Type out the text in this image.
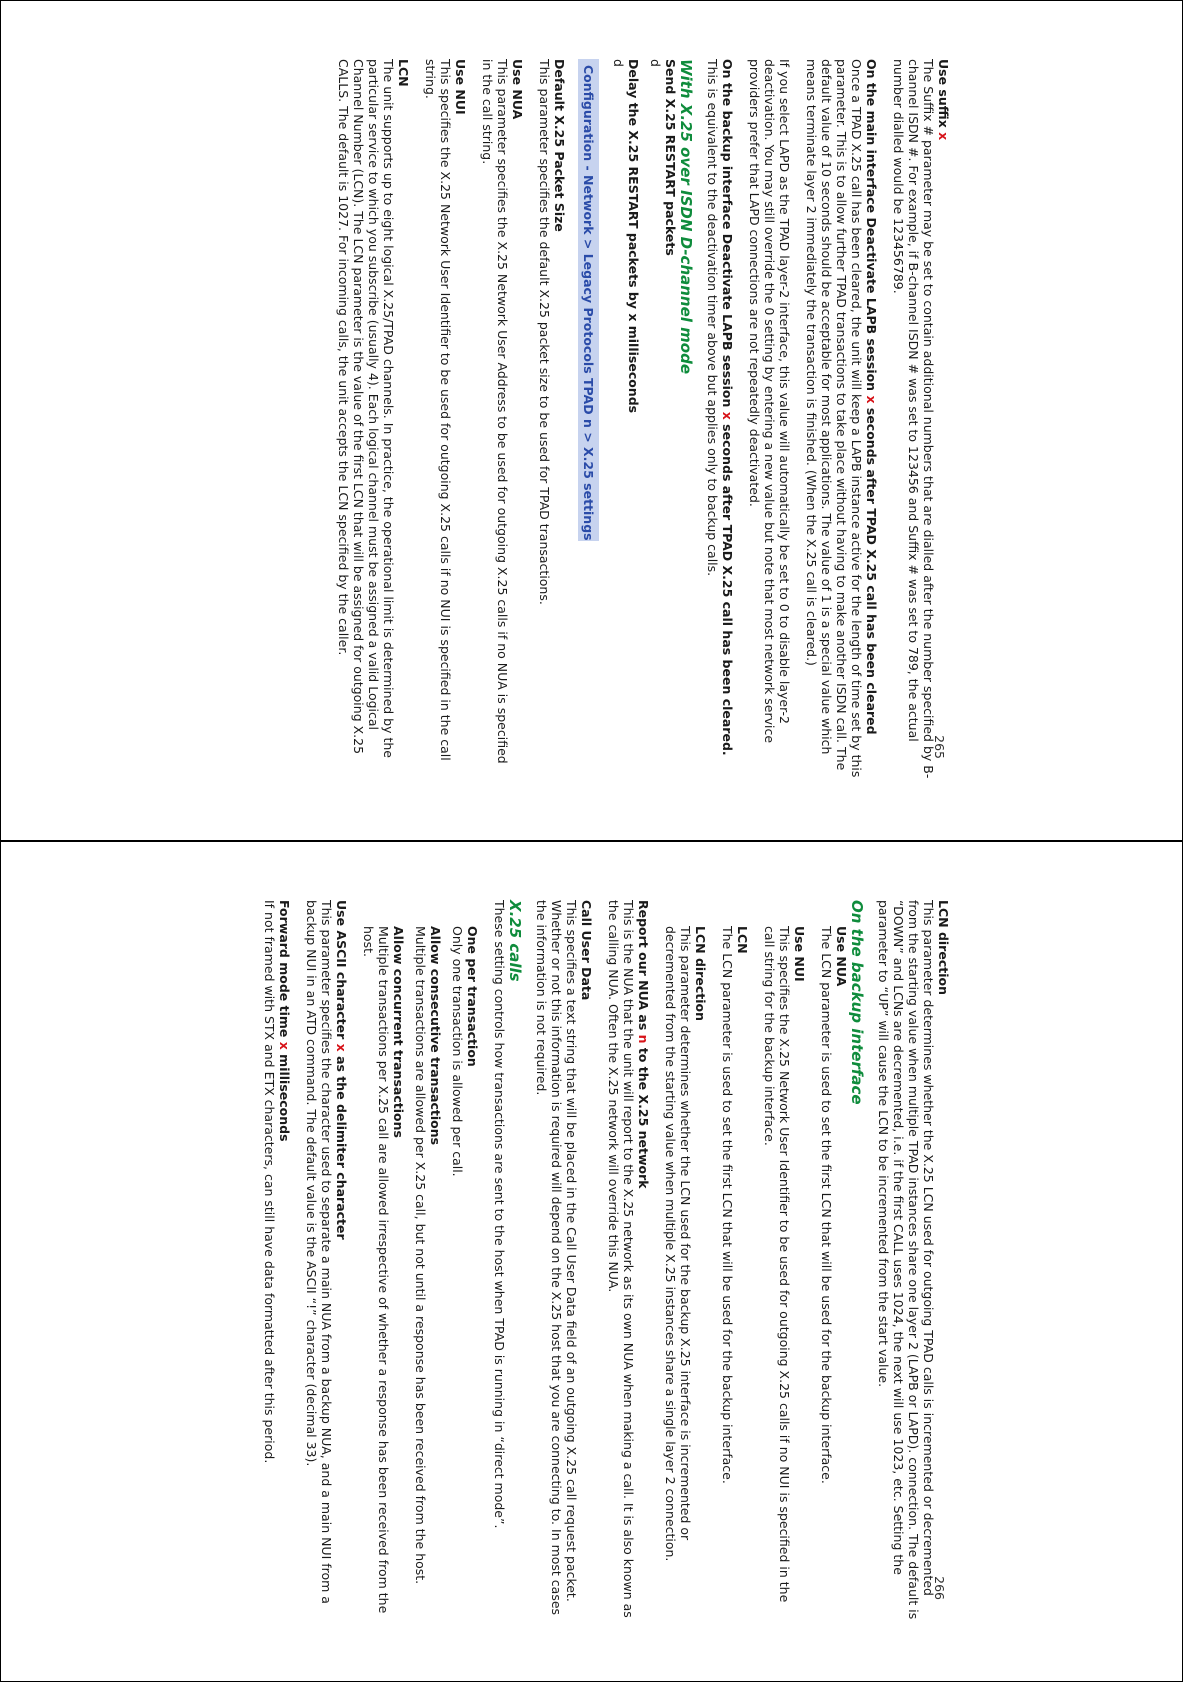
265

Use suffix x

The Suffix # parameter may be set to contain additional numbers that are dialled after the number specified by B-channel ISDN #. For example, if B-channel ISDN # was set to 123456 and Suffix # was set to 789, the actual number dialled would be 123456789.

On the main interface Deactivate LAPB session x seconds after TPAD X.25 call has been cleared

Once a TPAD X.25 call has been cleared, the unit will keep a LAPB instance active for the length of time set by this parameter. This is to allow further TPAD transactions to take place without having to make another ISDN call. The default value of 10 seconds should be acceptable for most applications. The value of 1 is a special value which means terminate layer 2 immediately the transaction is finished. (When the X.25 call is cleared.)

If you select LAPD as the TPAD layer-2 interface, this value will automatically be set to 0 to disable layer-2 deactivation. You may still override the 0 setting by entering a new value but note that most network service providers prefer that LAPD connections are not repeatedly deactivated.

On the backup interface Deactivate LAPB session x seconds after TPAD X.25 call has been cleared.

This is equivalent to the deactivation timer above but applies only to backup calls.

With X.25 over ISDN D-channel mode

Send X.25 RESTART packets

d

Delay the X.25 RESTART packets by x milliseconds

d

Configuration - Network > Legacy Protocols TPAD n > X.25 settings

Default X.25 Packet Size

This parameter specifies the default X.25 packet size to be used for TPAD transactions.

Use NUA

This parameter specifies the X.25 Network User Address to be used for outgoing X.25 calls if no NUA is specified in the call string.

Use NUI

This specifies the X.25 Network User Identifier to be used for outgoing X.25 calls if no NUI is specified in the call string.

LCN

The unit supports up to eight logical X.25/TPAD channels. In practice, the operational limit is determined by the particular service to which you subscribe (usually 4). Each logical channel must be assigned a valid Logical Channel Number (LCN). The LCN parameter is the value of the first LCN that will be assigned for outgoing X.25 CALLS. The default is 1027. For incoming calls, the unit accepts the LCN specified by the caller.

266

LCN direction

This parameter determines whether the X.25 LCN used for outgoing TPAD calls is incremented or decremented from the starting value when multiple TPAD instances share one layer 2 (LAPB or LAPD). connection. The default is “DOWN” and LCNs are decremented, i.e. if the first CALL uses 1024, the next will use 1023, etc. Setting the parameter to “UP” will cause the LCN to be incremented from the start value.

On the backup interface

Use NUA

The LCN parameter is used to set the first LCN that will be used for the backup interface.

Use NUI

This specifies the X.25 Network User Identifier to be used for outgoing X.25 calls if no NUI is specified in the call string for the backup interface.

LCN

The LCN parameter is used to set the first LCN that will be used for the backup interface.

LCN direction

This parameter determines whether the LCN used for the backup X.25 interface is incremented or decremented from the starting value when multiple X.25 instances share a single layer 2 connection.

Report our NUA as n to the X.25 network

This is the NUA that the unit will report to the X.25 network as its own NUA when making a call. It is also known as the calling NUA. Often the X.25 network will override this NUA.

Call User Data

This specifies a text string that will be placed in the Call User Data field of an outgoing X.25 call request packet. Whether or not this information is required will depend on the X.25 host that you are connecting to. In most cases the information is not required.

X.25 calls

These setting controls how transactions are sent to the host when TPAD is running in “direct mode”.

One per transaction

Only one transaction is allowed per call.

Allow consecutive transactions

Multiple transactions are allowed per X.25 call, but not until a response has been received from the host.

Allow concurrent transactions

Multiple transactions per X.25 call are allowed irrespective of whether a response has been received from the host.

Use ASCII character x as the delimiter character

This parameter specifies the character used to separate a main NUA from a backup NUA, and a main NUI from a backup NUI in an ATD command. The default value is the ASCII “!” character (decimal 33).

Forward mode time x milliseconds

If not framed with STX and ETX characters, can still have data formatted after this period.
